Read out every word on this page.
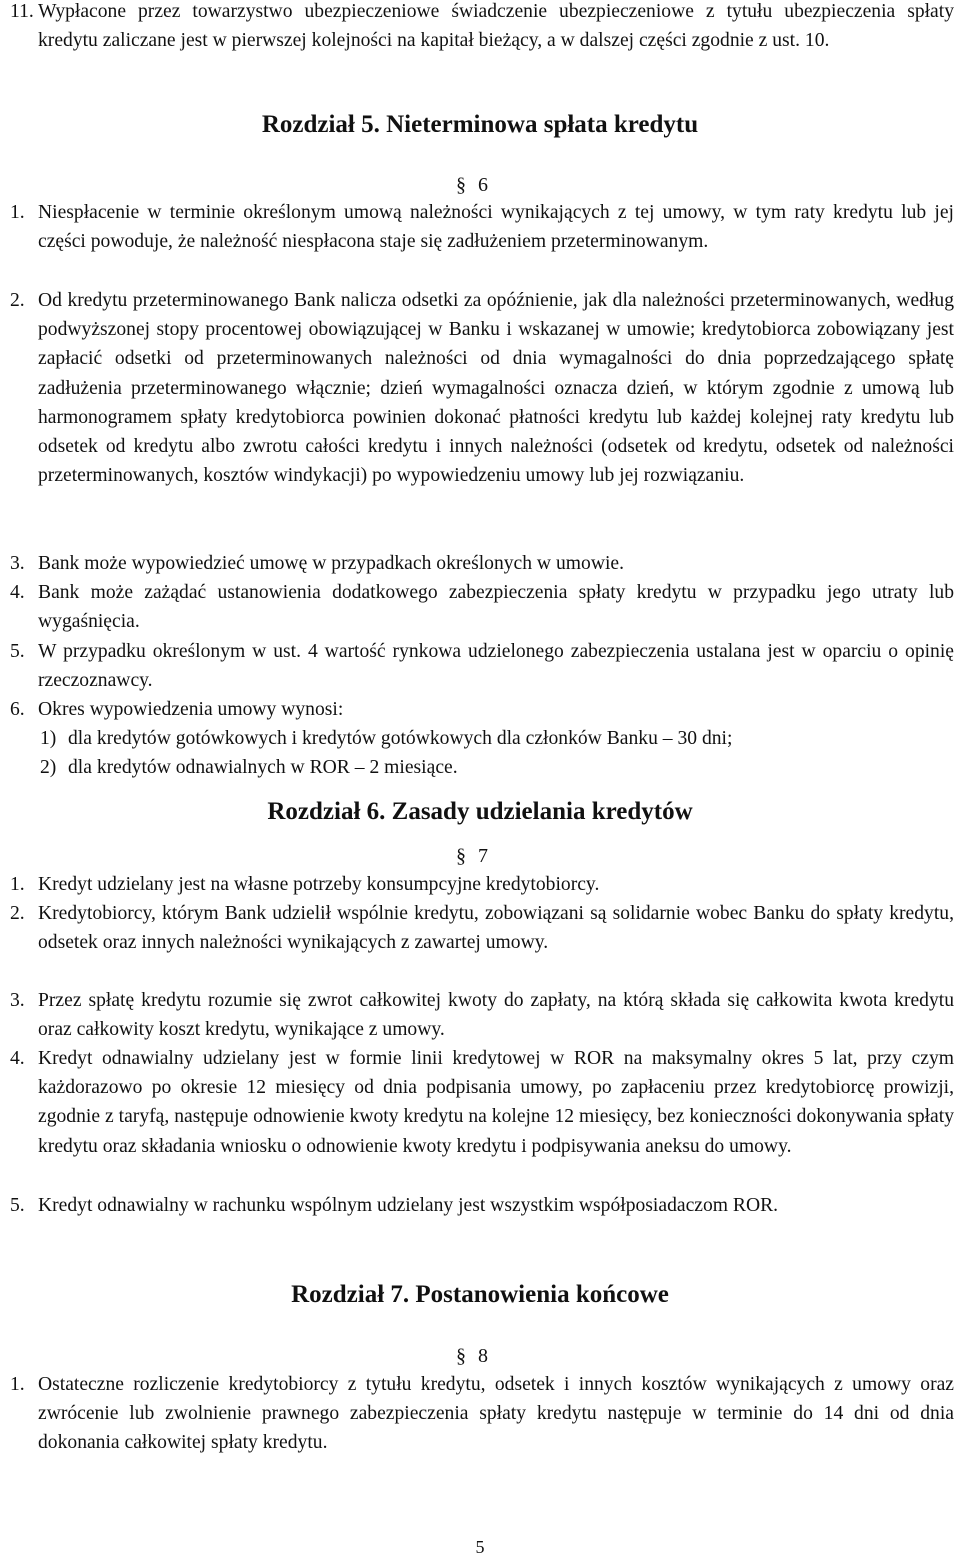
11. Wypłacone przez towarzystwo ubezpieczeniowe świadczenie ubezpieczeniowe z tytułu ubezpieczenia spłaty kredytu zaliczane jest w pierwszej kolejności na kapitał bieżący, a w dalszej części zgodnie z ust. 10.
Rozdział 5. Nieterminowa spłata kredytu
§ 6
1. Niespłacenie w terminie określonym umową należności wynikających z tej umowy, w tym raty kredytu lub jej części powoduje, że należność niespłacona staje się zadłużeniem przeterminowanym.
2. Od kredytu przeterminowanego Bank nalicza odsetki za opóźnienie, jak dla należności przeterminowanych, według podwyższonej stopy procentowej obowiązującej w Banku i wskazanej w umowie; kredytobiorca zobowiązany jest zapłacić odsetki od przeterminowanych należności od dnia wymagalności do dnia poprzedzającego spłatę zadłużenia przeterminowanego włącznie; dzień wymagalności oznacza dzień, w którym zgodnie z umową lub harmonogramem spłaty kredytobiorca powinien dokonać płatności kredytu lub każdej kolejnej raty kredytu lub odsetek od kredytu albo zwrotu całości kredytu i innych należności (odsetek od kredytu, odsetek od należności przeterminowanych, kosztów windykacji) po wypowiedzeniu umowy lub jej rozwiązaniu.
3. Bank może wypowiedzieć umowę w przypadkach określonych w umowie.
4. Bank może zażądać ustanowienia dodatkowego zabezpieczenia spłaty kredytu w przypadku jego utraty lub wygaśnięcia.
5. W przypadku określonym w ust. 4 wartość rynkowa udzielonego zabezpieczenia ustalana jest w oparciu o opinię rzeczoznawcy.
6. Okres wypowiedzenia umowy wynosi:
1) dla kredytów gotówkowych i kredytów gotówkowych dla członków Banku – 30 dni;
2) dla kredytów odnawialnych w ROR – 2 miesiące.
Rozdział 6. Zasady udzielania kredytów
§ 7
1. Kredyt udzielany jest na własne potrzeby konsumpcyjne kredytobiorcy.
2. Kredytobiorcy, którym Bank udzielił wspólnie kredytu, zobowiązani są solidarnie wobec Banku do spłaty kredytu, odsetek oraz innych należności wynikających z zawartej umowy.
3. Przez spłatę kredytu rozumie się zwrot całkowitej kwoty do zapłaty, na którą składa się całkowita kwota kredytu oraz całkowity koszt kredytu, wynikające z umowy.
4. Kredyt odnawialny udzielany jest w formie linii kredytowej w ROR na maksymalny okres 5 lat, przy czym każdorazowo po okresie 12 miesięcy od dnia podpisania umowy, po zapłaceniu przez kredytobiorcę prowizji, zgodnie z taryfą, następuje odnowienie kwoty kredytu na kolejne 12 miesięcy, bez konieczności dokonywania spłaty kredytu oraz składania wniosku o odnowienie kwoty kredytu i podpisywania aneksu do umowy.
5. Kredyt odnawialny w rachunku wspólnym udzielany jest wszystkim współposiadaczom ROR.
Rozdział 7. Postanowienia końcowe
§ 8
1. Ostateczne rozliczenie kredytobiorcy z tytułu kredytu, odsetek i innych kosztów wynikających z umowy oraz zwrócenie lub zwolnienie prawnego zabezpieczenia spłaty kredytu następuje w terminie do 14 dni od dnia dokonania całkowitej spłaty kredytu.
5
